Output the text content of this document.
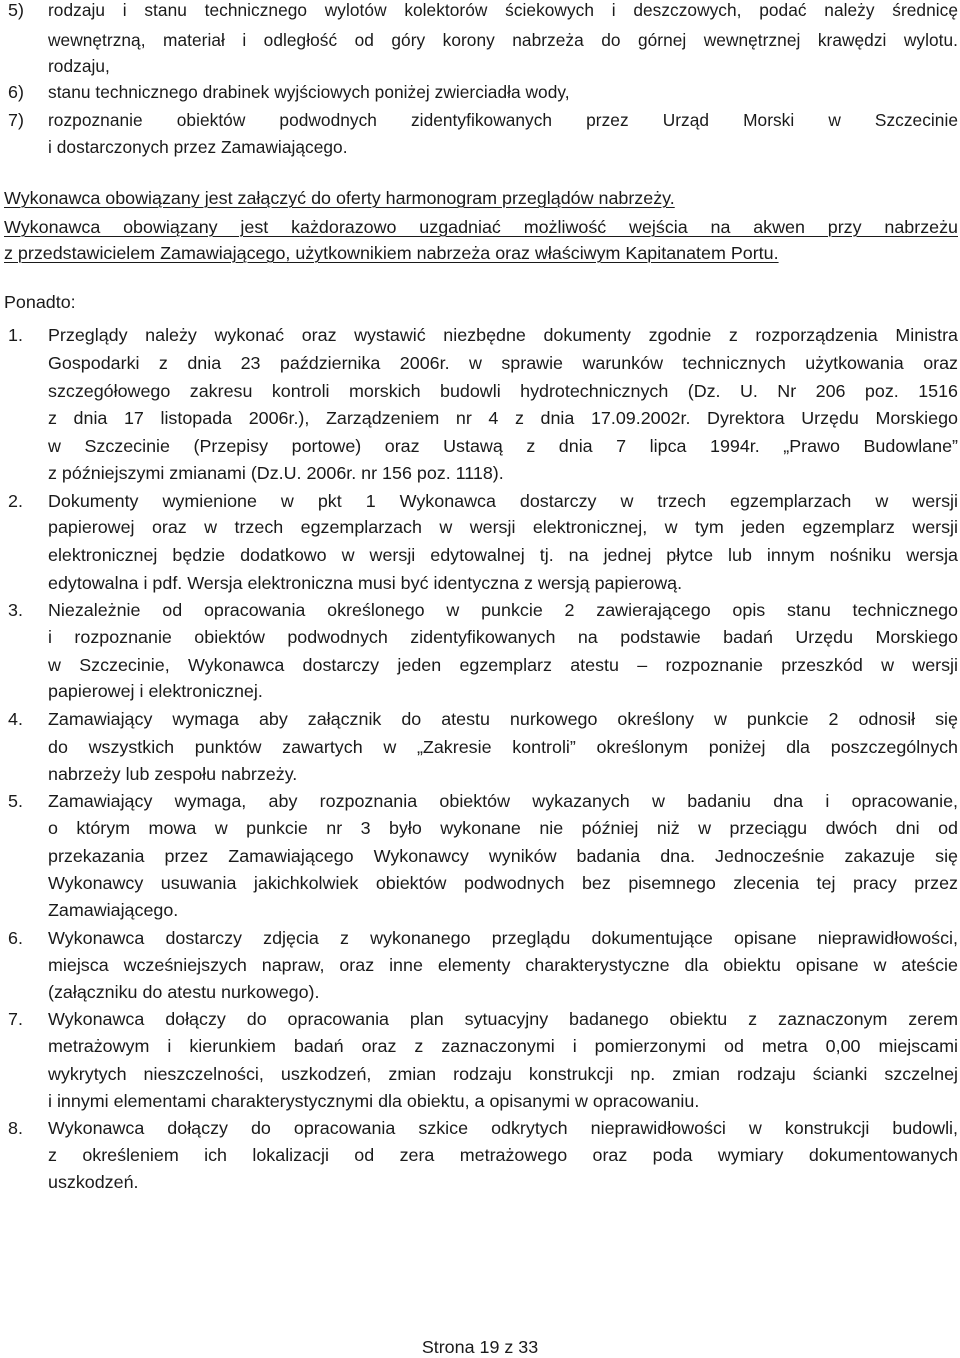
5) rodzaju i stanu technicznego wylotów kolektorów ściekowych i deszczowych, podać należy średnicę
wewnętrzną, materiał i odległość od góry korony nabrzeża do górnej wewnętrznej krawędzi wylotu.
rodzaju,
6) stanu technicznego drabinek wyjściowych poniżej zwierciadła wody,
7) rozpoznanie obiektów podwodnych zidentyfikowanych przez Urząd Morski w Szczecinie
i dostarczonych przez Zamawiającego.
Wykonawca obowiązany jest załączyć do oferty harmonogram przeglądów nabrzeży.
Wykonawca obowiązany jest każdorazowo uzgadniać możliwość wejścia na akwen przy nabrzeżu
z przedstawicielem Zamawiającego, użytkownikiem nabrzeża oraz właściwym Kapitanatem Portu.
Ponadto:
1. Przeglądy należy wykonać oraz wystawić niezbędne dokumenty zgodnie z rozporządzenia Ministra
Gospodarki z dnia 23 października 2006r. w sprawie warunków technicznych użytkowania oraz
szczegółowego zakresu kontroli morskich budowli hydrotechnicznych (Dz. U. Nr 206 poz. 1516
z dnia 17 listopada 2006r.), Zarządzeniem nr 4 z dnia 17.09.2002r. Dyrektora Urzędu Morskiego
w Szczecinie (Przepisy portowe) oraz Ustawą z dnia 7 lipca 1994r. „Prawo Budowlane”
z późniejszymi zmianami (Dz.U. 2006r. nr 156 poz. 1118).
2. Dokumenty wymienione w pkt 1 Wykonawca dostarczy w trzech egzemplarzach w wersji
papierowej oraz w trzech egzemplarzach w wersji elektronicznej, w tym jeden egzemplarz wersji
elektronicznej będzie dodatkowo w wersji edytowalnej tj. na jednej płytce lub innym nośniku wersja
edytowalna i pdf. Wersja elektroniczna musi być identyczna z wersją papierową.
3. Niezależnie od opracowania określonego w punkcie 2 zawierającego opis stanu technicznego
i rozpoznanie obiektów podwodnych zidentyfikowanych na podstawie badań Urzędu Morskiego
w Szczecinie, Wykonawca dostarczy jeden egzemplarz atestu – rozpoznanie przeszkód w wersji
papierowej i elektronicznej.
4. Zamawiający wymaga aby załącznik do atestu nurkowego określony w punkcie 2 odnosił się
do wszystkich punktów zawartych w „Zakresie kontroli” określonym poniżej dla poszczególnych
nabrzeży lub zespołu nabrzeży.
5. Zamawiający wymaga, aby rozpoznania obiektów wykazanych w badaniu dna i opracowanie,
o którym mowa w punkcie nr 3 było wykonane nie później niż w przeciągu dwóch dni od
przekazania przez Zamawiającego Wykonawcy wyników badania dna. Jednocześnie zakazuje się
Wykonawcy usuwania jakichkolwiek obiektów podwodnych bez pisemnego zlecenia tej pracy przez
Zamawiającego.
6. Wykonawca dostarczy zdjęcia z wykonanego przeglądu dokumentujące opisane nieprawidłowości,
miejsca wcześniejszych napraw, oraz inne elementy charakterystyczne dla obiektu opisane w ateście
(załączniku do atestu nurkowego).
7. Wykonawca dołączy do opracowania plan sytuacyjny badanego obiektu z zaznaczonym zerem
metrażowym i kierunkiem badań oraz z zaznaczonymi i pomierzonymi od metra 0,00 miejscami
wykrytych nieszczelności, uszkodzeń, zmian rodzaju konstrukcji np. zmian rodzaju ścianki szczelnej
i innymi elementami charakterystycznymi dla obiektu, a opisanymi w opracowaniu.
8. Wykonawca dołączy do opracowania szkice odkrytych nieprawidłowości w konstrukcji budowli,
z określeniem ich lokalizacji od zera metrażowego oraz poda wymiary dokumentowanych
uszkodzeń.
Strona 19 z 33
